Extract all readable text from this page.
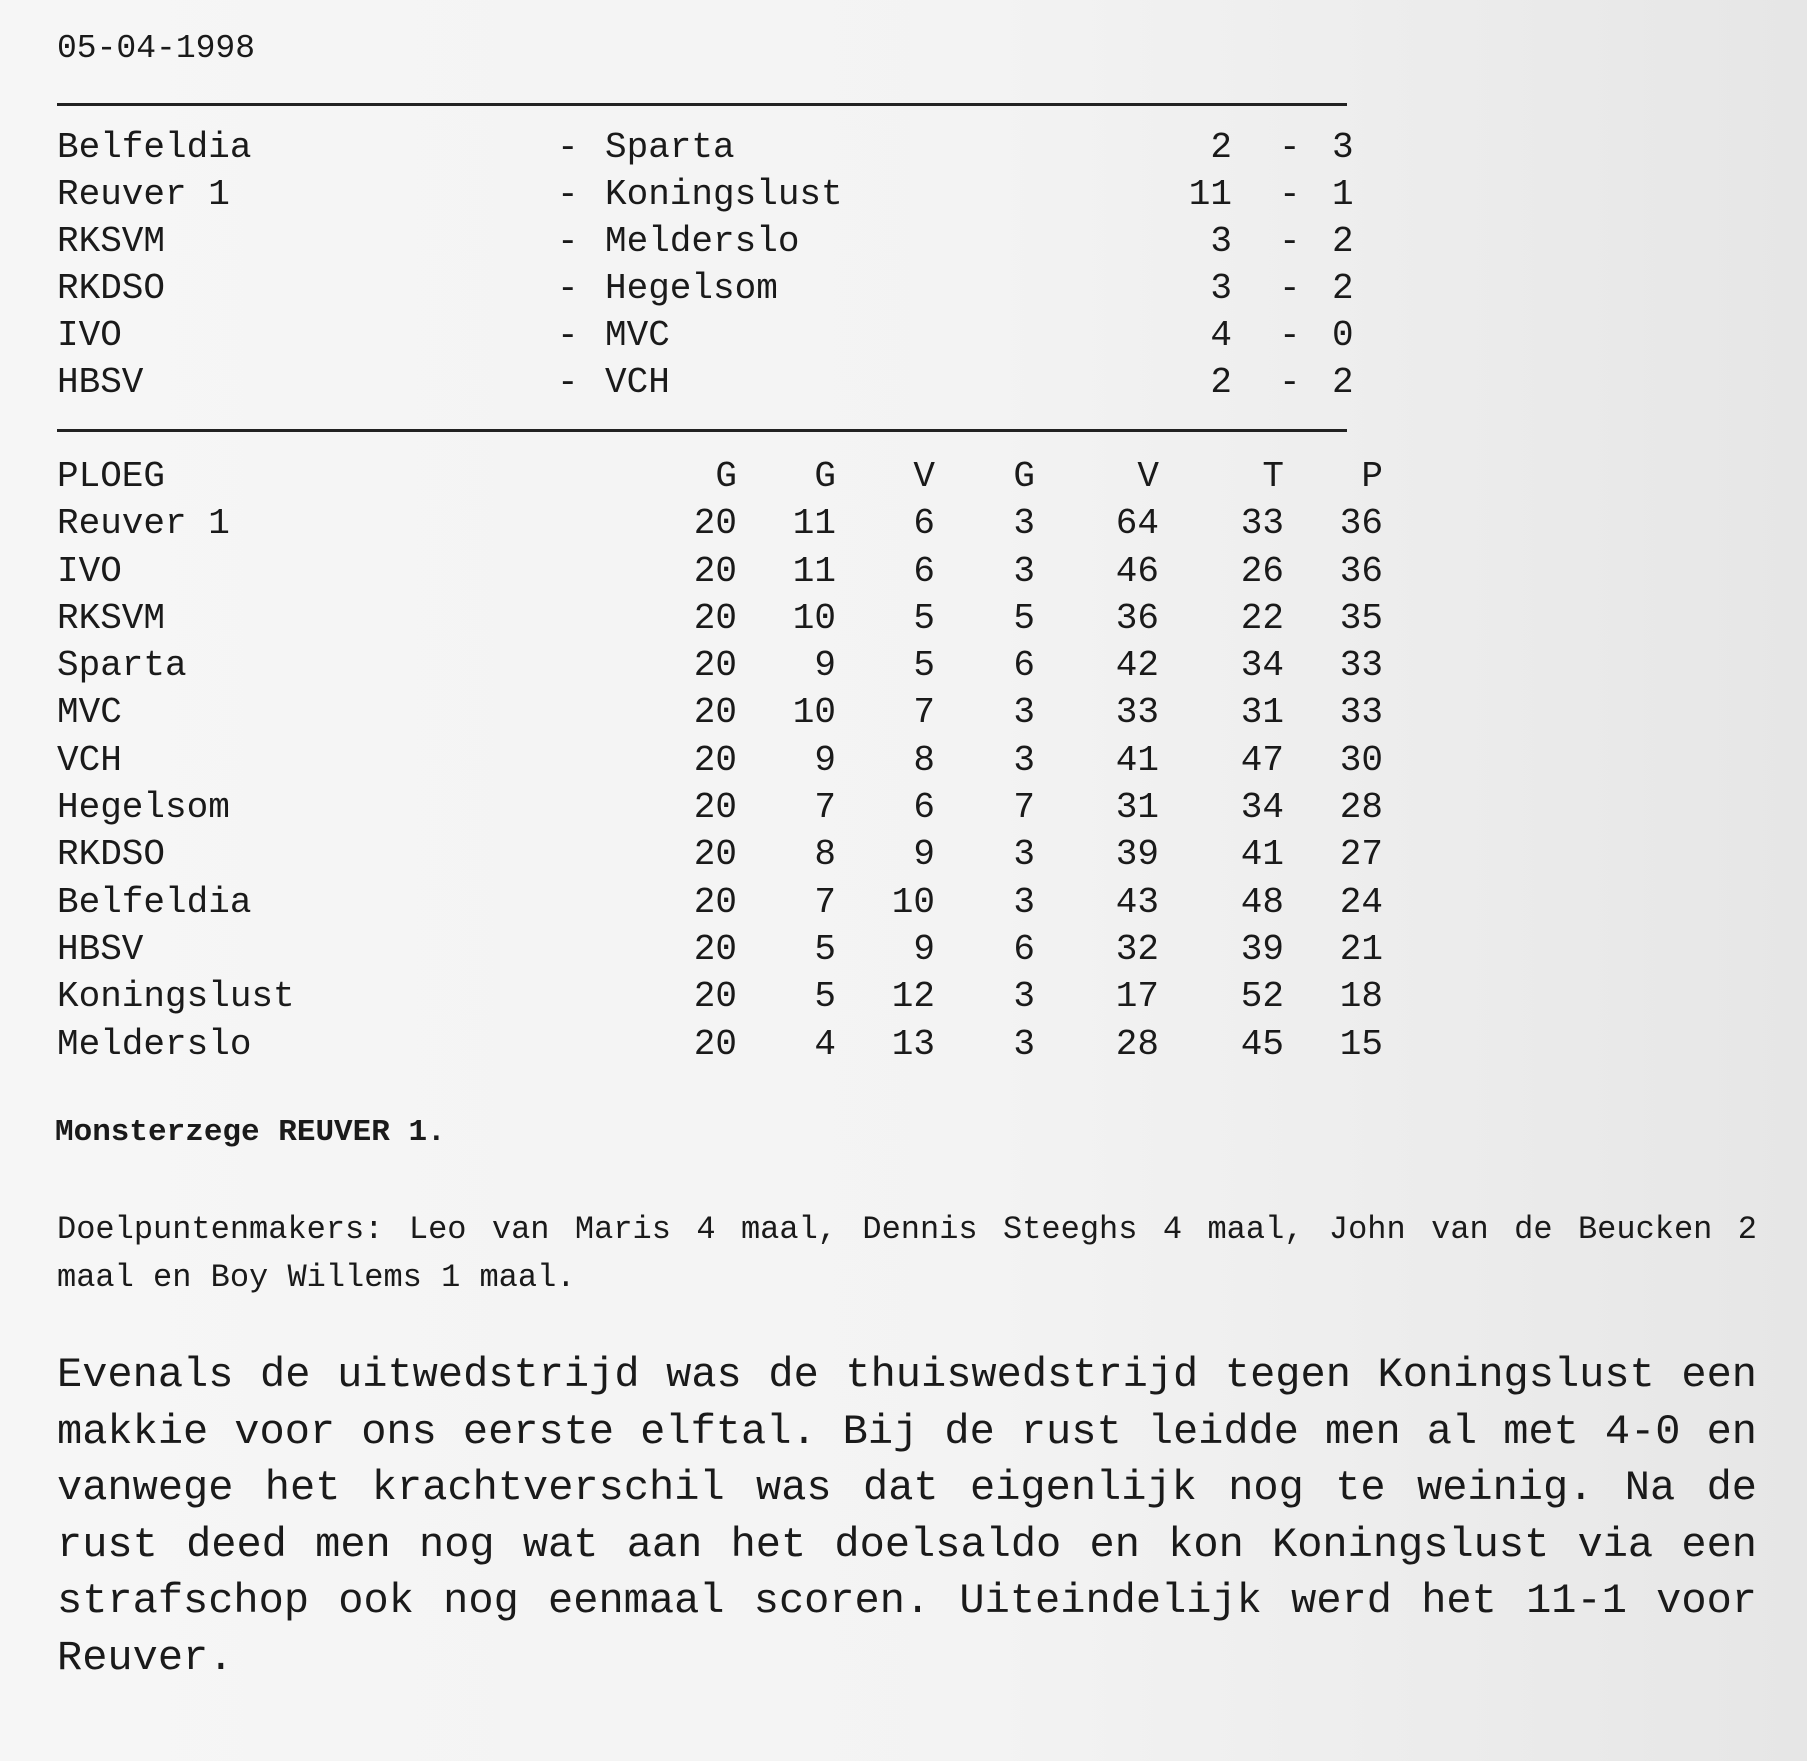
05-04-1998
Belfeldia	- Sparta	2 - 3
Reuver 1	- Koningslust	11 - 1
RKSVM	- Melderslo	3 - 2
RKDSO	- Hegelsom	3 - 2
IVO	- MVC	4 - 0
HBSV	- VCH	2 - 2
PLOEG	G	G	V	G	V	T	P
Reuver 1	20	11	6	3	64	33	36
IVO	20	11	6	3	46	26	36
RKSVM	20	10	5	5	36	22	35
Sparta	20	9	5	6	42	34	33
MVC	20	10	7	3	33	31	33
VCH	20	9	8	3	41	47	30
Hegelsom	20	7	6	7	31	34	28
RKDSO	20	8	9	3	39	41	27
Belfeldia	20	7	10	3	43	48	24
HBSV	20	5	9	6	32	39	21
Koningslust	20	5	12	3	17	52	18
Melderslo	20	4	13	3	28	45	15
Monsterzege REUVER 1.
Doelpuntenmakers: Leo van Maris 4 maal, Dennis Steeghs 4 maal, John van de Beucken 2 maal en Boy Willems 1 maal.
Evenals de uitwedstrijd was de thuiswedstrijd tegen Koningslust een makkie voor ons eerste elftal. Bij de rust leidde men al met 4-0 en vanwege het krachtverschil was dat eigenlijk nog te weinig. Na de rust deed men nog wat aan het doelsaldo en kon Koningslust via een strafschop ook nog eenmaal scoren. Uiteindelijk werd het 11-1 voor Reuver.
